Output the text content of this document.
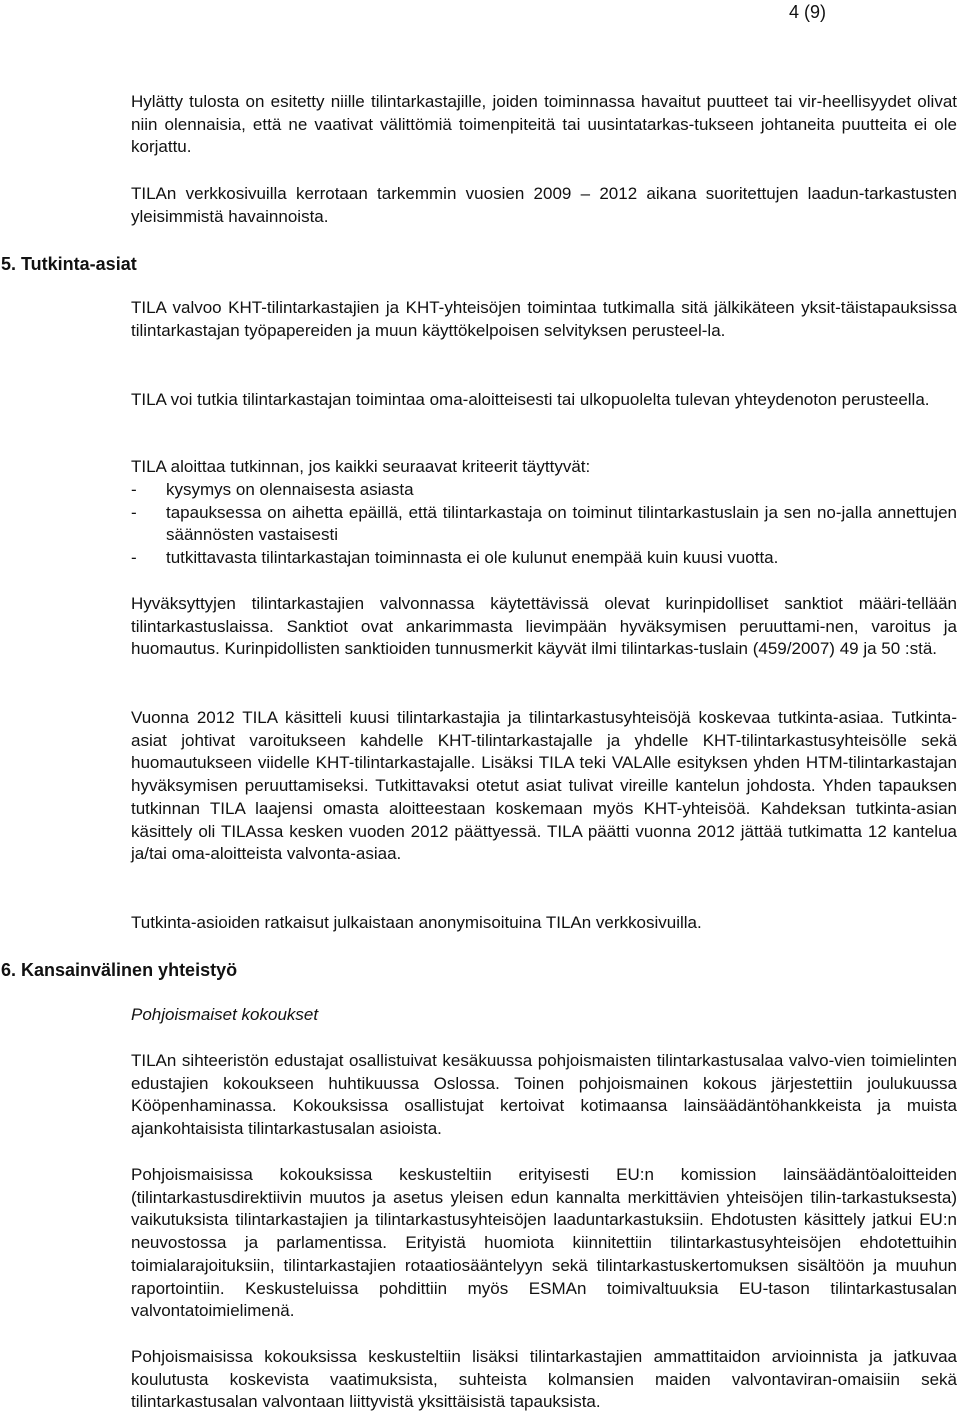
4 (9)

Hylätty tulosta on esitetty niille tilintarkastajille, joiden toiminnassa havaitut puutteet tai vir-heellisyydet olivat niin olennaisia, että ne vaativat välittömiä toimenpiteitä tai uusintatarkas-tukseen johtaneita puutteita ei ole korjattu.

TILAn verkkosivuilla kerrotaan tarkemmin vuosien 2009 – 2012 aikana suoritettujen laadun-tarkastusten yleisimmistä havainnoista.

5. Tutkinta-asiat

TILA valvoo KHT-tilintarkastajien ja KHT-yhteisöjen toimintaa tutkimalla sitä jälkikäteen yksit-täistapauksissa tilintarkastajan työpapereiden ja muun käyttökelpoisen selvityksen perusteel-la.

TILA voi tutkia tilintarkastajan toimintaa oma-aloitteisesti tai ulkopuolelta tulevan yhteydenoton perusteella.

TILA aloittaa tutkinnan, jos kaikki seuraavat kriteerit täyttyvät:
- kysymys on olennaisesta asiasta
- tapauksessa on aihetta epäillä, että tilintarkastaja on toiminut tilintarkastuslain ja sen no-jalla annettujen säännösten vastaisesti
- tutkittavasta tilintarkastajan toiminnasta ei ole kulunut enempää kuin kuusi vuotta.

Hyväksyttyjen tilintarkastajien valvonnassa käytettävissä olevat kurinpidolliset sanktiot määri-tellään tilintarkastuslaissa. Sanktiot ovat ankarimmasta lievimpään hyväksymisen peruuttami-nen, varoitus ja huomautus. Kurinpidollisten sanktioiden tunnusmerkit käyvät ilmi tilintarkas-tuslain (459/2007) 49 ja 50 :stä.

Vuonna 2012 TILA käsitteli kuusi tilintarkastajia ja tilintarkastusyhteisöjä koskevaa tutkinta-asiaa. Tutkinta-asiat johtivat varoitukseen kahdelle KHT-tilintarkastajalle ja yhdelle KHT-tilintarkastusyhteisölle sekä huomautukseen viidelle KHT-tilintarkastajalle. Lisäksi TILA teki VALAlle esityksen yhden HTM-tilintarkastajan hyväksymisen peruuttamiseksi. Tutkittavaksi otetut asiat tulivat vireille kantelun johdosta. Yhden tapauksen tutkinnan TILA laajensi omasta aloitteestaan koskemaan myös KHT-yhteisöä. Kahdeksan tutkinta-asian käsittely oli TILAssa kesken vuoden 2012 päättyessä. TILA päätti vuonna 2012 jättää tutkimatta 12 kantelua ja/tai oma-aloitteista valvonta-asiaa.

Tutkinta-asioiden ratkaisut julkaistaan anonymisoituina TILAn verkkosivuilla.

6. Kansainvälinen yhteistyö

Pohjoismaiset kokoukset

TILAn sihteeristön edustajat osallistuivat kesäkuussa pohjoismaisten tilintarkastusalaa valvo-vien toimielinten edustajien kokoukseen huhtikuussa Oslossa. Toinen pohjoismainen kokous järjestettiin joulukuussa Kööpenhaminassa. Kokouksissa osallistujat kertoivat kotimaansa lainsäädäntöhankkeista ja muista ajankohtaisista tilintarkastusalan asioista.

Pohjoismaisissa kokouksissa keskusteltiin erityisesti EU:n komission lainsäädäntöaloitteiden (tilintarkastusdirektiivin muutos ja asetus yleisen edun kannalta merkittävien yhteisöjen tilin-tarkastuksesta) vaikutuksista tilintarkastajien ja tilintarkastusyhteisöjen laaduntarkastuksiin. Ehdotusten käsittely jatkui EU:n neuvostossa ja parlamentissa. Erityistä huomiota kiinnitettiin tilintarkastusyhteisöjen ehdotettuihin toimialarajoituksiin, tilintarkastajien rotaatiosääntelyyn sekä tilintarkastuskertomuksen sisältöön ja muuhun raportointiin. Keskusteluissa pohdittiin myös ESMAn toimivaltuuksia EU-tason tilintarkastusalan valvontatoimielimenä.

Pohjoismaisissa kokouksissa keskusteltiin lisäksi tilintarkastajien ammattitaidon arvioinnista ja jatkuvaa koulutusta koskevista vaatimuksista, suhteista kolmansien maiden valvontaviran-omaisiin sekä tilintarkastusalan valvontaan liittyvistä yksittäisistä tapauksista.
